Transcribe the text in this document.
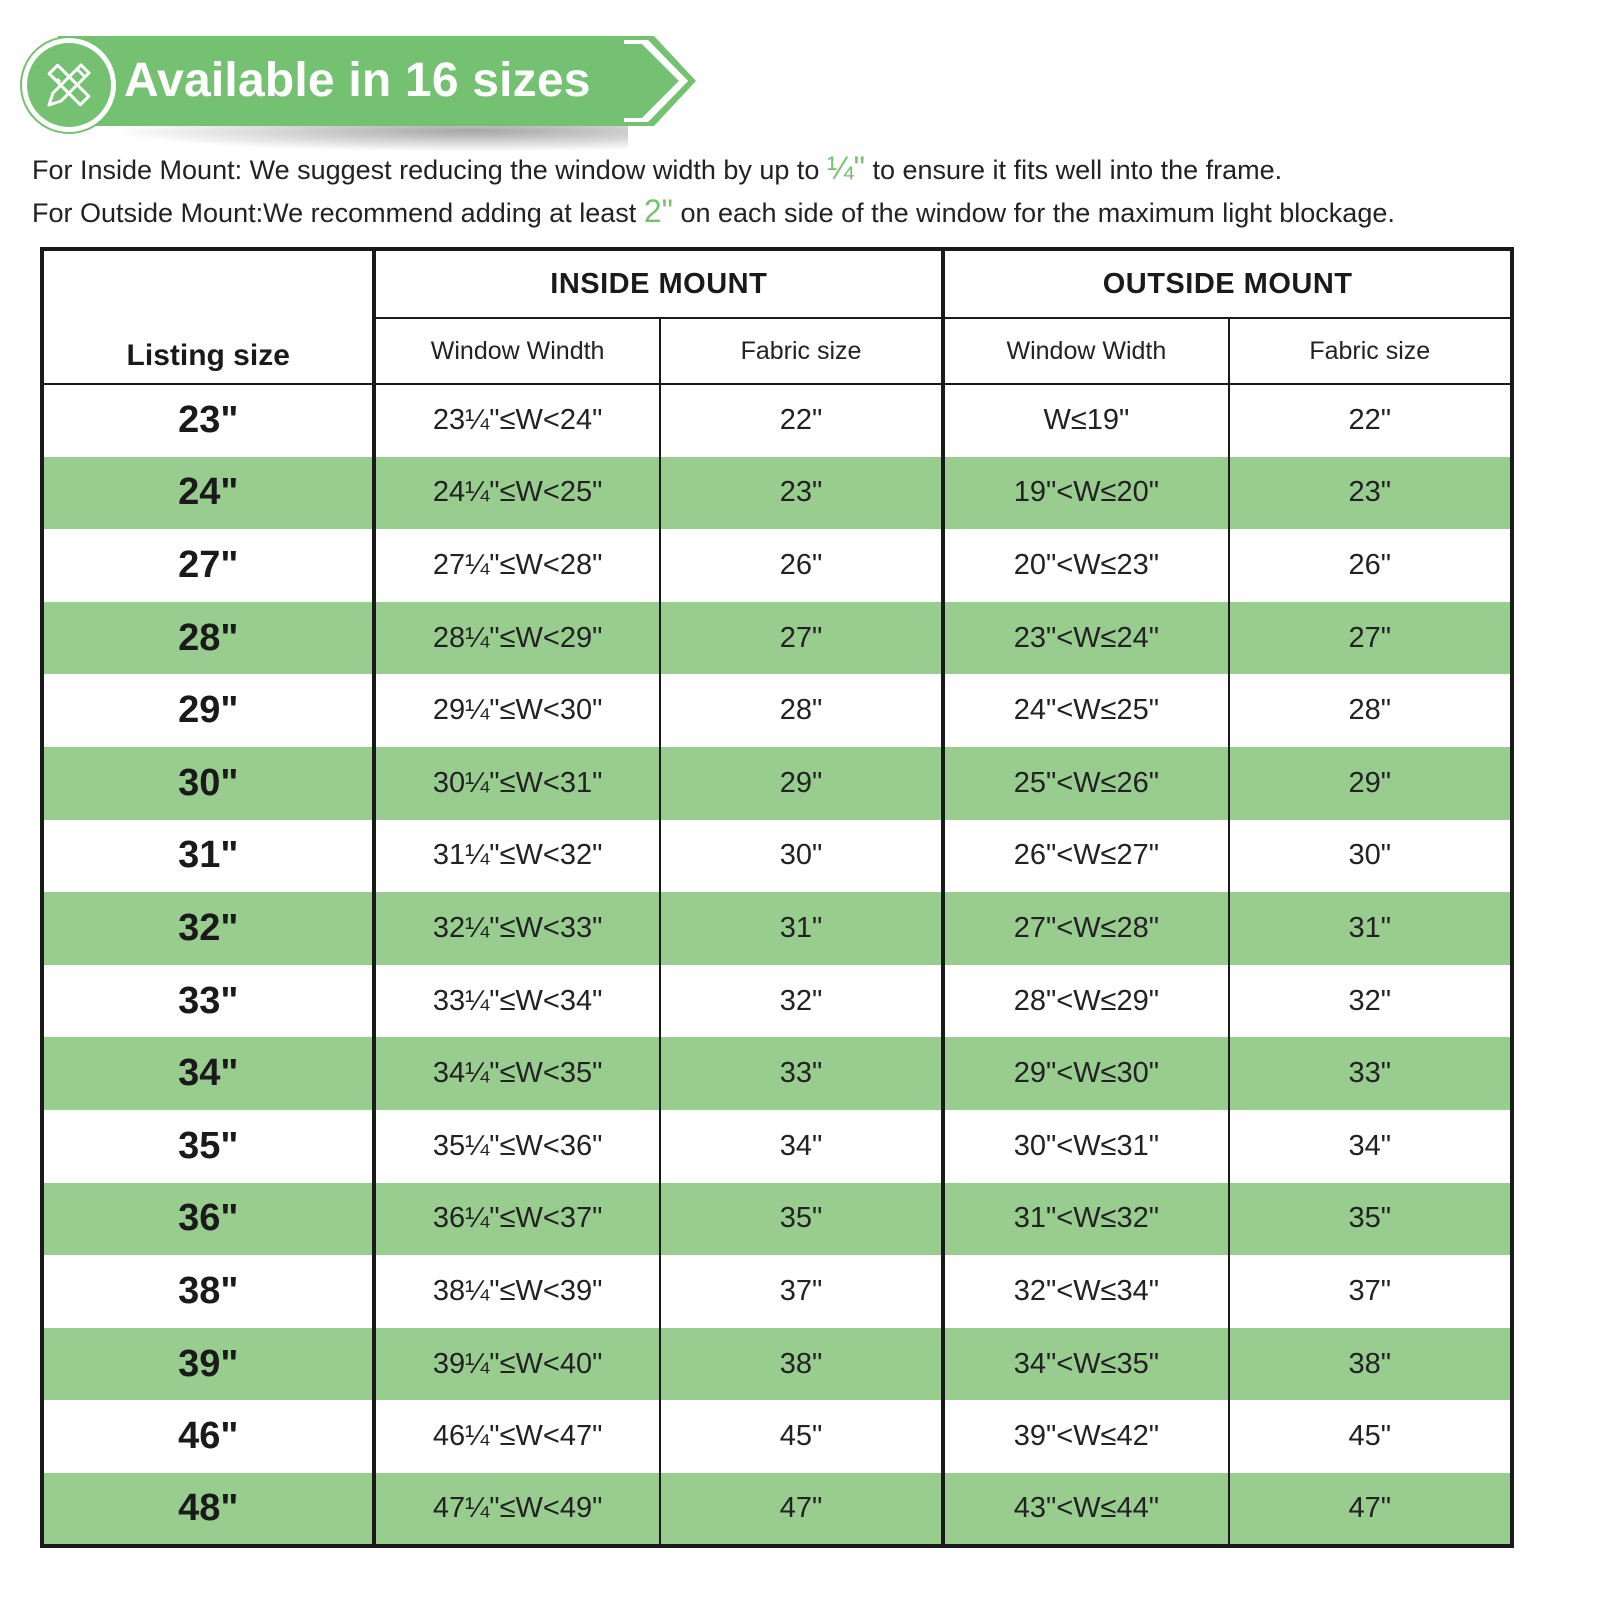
Available in 16 sizes
For Inside Mount: We suggest reducing the window width by up to ¼" to ensure it fits well into the frame.
For Outside Mount:We recommend adding at least 2" on each side of the window for the maximum light blockage.
	INSIDE MOUNT		OUTSIDE MOUNT	
Listing size	Window Windth	Fabric size	Window Width	Fabric size
23"	23¼"≤W<24"	22"	W≤19"	22"
24"	24¼"≤W<25"	23"	19"<W≤20"	23"
27"	27¼"≤W<28"	26"	20"<W≤23"	26"
28"	28¼"≤W<29"	27"	23"<W≤24"	27"
29"	29¼"≤W<30"	28"	24"<W≤25"	28"
30"	30¼"≤W<31"	29"	25"<W≤26"	29"
31"	31¼"≤W<32"	30"	26"<W≤27"	30"
32"	32¼"≤W<33"	31"	27"<W≤28"	31"
33"	33¼"≤W<34"	32"	28"<W≤29"	32"
34"	34¼"≤W<35"	33"	29"<W≤30"	33"
35"	35¼"≤W<36"	34"	30"<W≤31"	34"
36"	36¼"≤W<37"	35"	31"<W≤32"	35"
38"	38¼"≤W<39"	37"	32"<W≤34"	37"
39"	39¼"≤W<40"	38"	34"<W≤35"	38"
46"	46¼"≤W<47"	45"	39"<W≤42"	45"
48"	47¼"≤W<49"	47"	43"<W≤44"	47"
